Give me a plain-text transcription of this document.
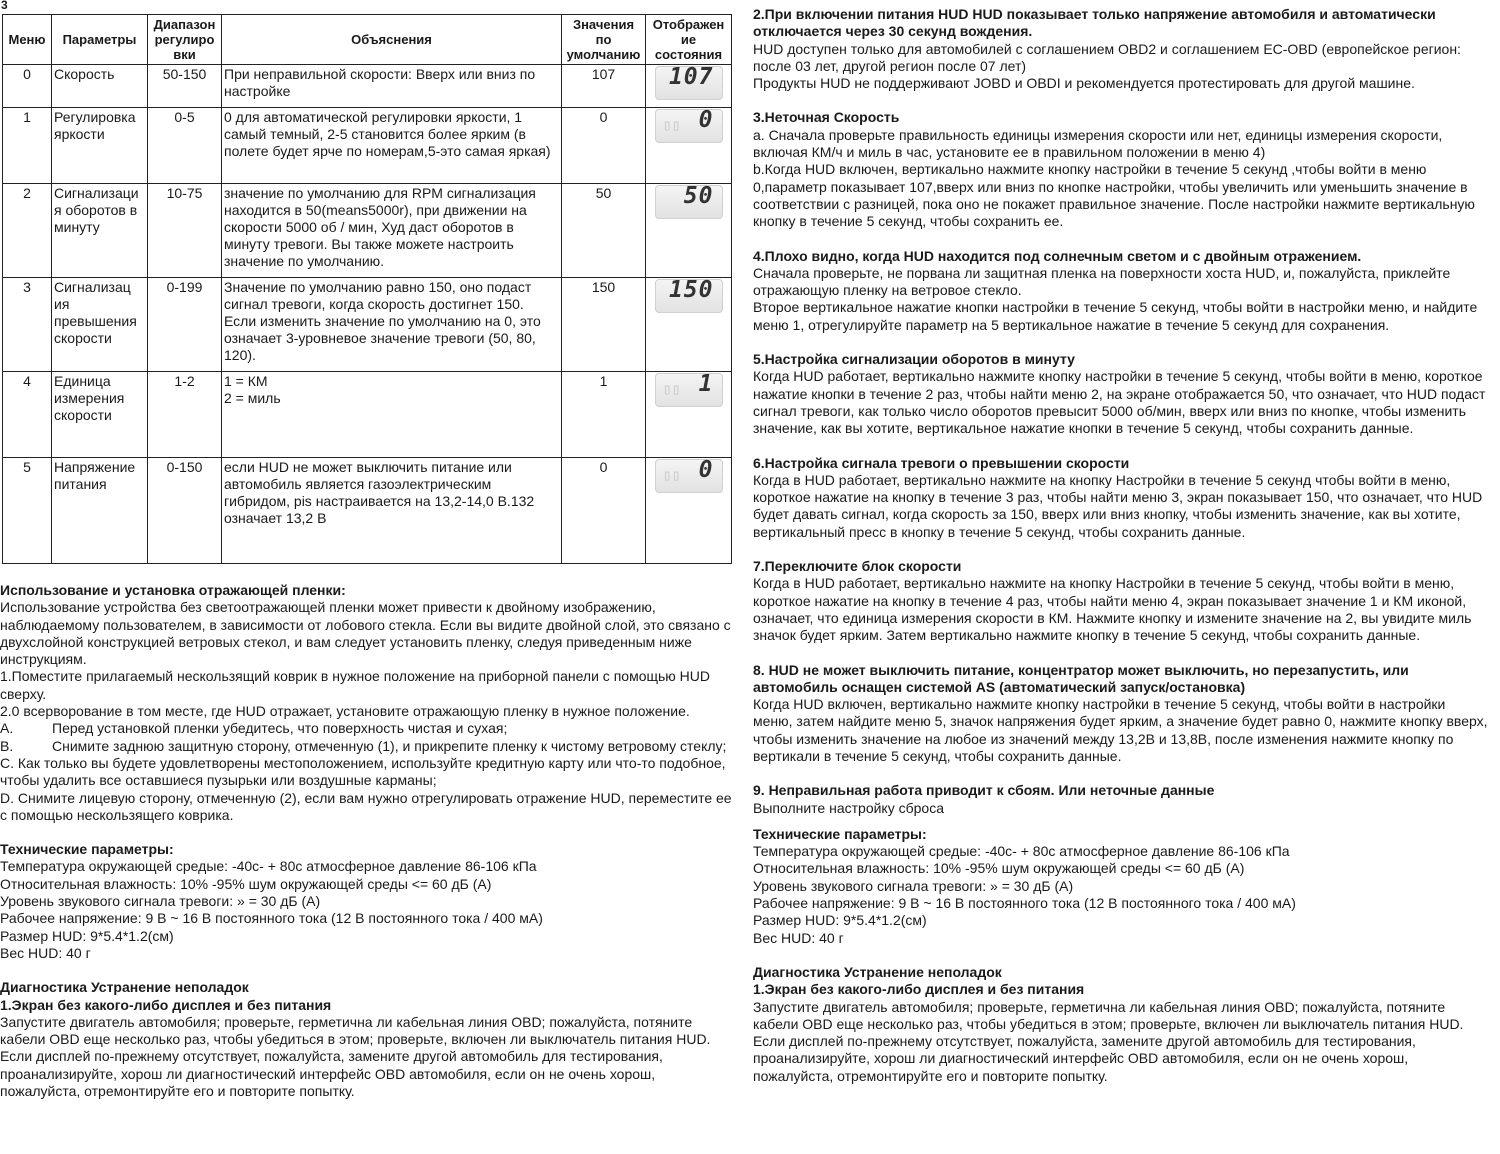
3
Меню	Параметры	Диапазон
регулиро
вки	Объяснения	Значения
по
умолчанию	Отображен
ие
состояния
0	Скорость	50-150	При неправильной скорости: Вверх или вниз по настройке	107	107

1	Регулировка яркости	0-5	0 для автоматической регулировки яркости, 1 самый темный, 2-5 становится более ярким (в полете будет ярче по номерам,5-это самая яркая)	0	▯▯ 0

2	Сигнализаци я оборотов в минуту	10-75	значение по умолчанию для RPM сигнализация находится в 50(means5000r), при движении на скорости 5000 об / мин, Худ даст оборотов в минуту тревоги. Вы также можете настроить значение по умолчанию.	50	50

3	Сигнализац ия превышения скорости	0-199	Значение по умолчанию равно 150, оно подаст сигнал тревоги, когда скорость достигнет 150. Если изменить значение по умолчанию на 0, это означает 3-уровневое значение тревоги (50, 80, 120).	150	150

4	Единица измерения скорости	1-2	1 = КМ
2 = миль	1	▯▯ 1

5	Напряжение питания	0-150	если HUD не может выключить питание или автомобиль является газоэлектрическим гибридом, pis настраивается на 13,2-14,0 В.132 означает 13,2 В	0	▯▯ 0

Использование и установка отражающей пленки:

Использование устройства без светоотражающей пленки может привести к двойному изображению, наблюдаемому пользователем, в зависимости от лобового стекла. Если вы видите двойной слой, это связано с двухслойной конструкцией ветровых стекол, и вам следует установить пленку, следуя приведенным ниже инструкциям.

1.Поместите прилагаемый нескользящий коврик в нужное положение на приборной панели с помощью HUD сверху.

2.0 всерворование в том месте, где HUD отражает, установите отражающую пленку в нужное положение.

A.	Перед установкой пленки убедитесь, что поверхность чистая и сухая;

B.	Снимите заднюю защитную сторону, отмеченную (1), и прикрепите пленку к чистому ветровому стеклу;

C. Как только вы будете удовлетворены местоположением, используйте кредитную карту или что-то подобное, чтобы удалить все оставшиеся пузырьки или воздушные карманы;

D. Снимите лицевую сторону, отмеченную (2), если вам нужно отрегулировать отражение HUD, переместите ее с помощью нескользящего коврика.

Технические параметры:

Температура окружающей средые: -40c- + 80c атмосферное давление 86-106 кПа

Относительная влажность: 10% -95% шум окружающей среды <= 60 дБ (A)

Уровень звукового сигнала тревоги: » = 30 дБ (A)

Рабочее напряжение: 9 В ~ 16 В постоянного тока (12 В постоянного тока / 400 мА)

Размер HUD: 9*5.4*1.2(см)

Вес HUD: 40 г

Диагностика Устранение неполадок

1.Экран без какого-либо дисплея и без питания

Запустите двигатель автомобиля; проверьте, герметична ли кабельная линия OBD; пожалуйста, потяните кабели OBD еще несколько раз, чтобы убедиться в этом; проверьте, включен ли выключатель питания HUD. Если дисплей по-прежнему отсутствует, пожалуйста, замените другой автомобиль для тестирования, проанализируйте, хорош ли диагностический интерфейс OBD автомобиля, если он не очень хорош, пожалуйста, отремонтируйте его и повторите попытку.

2.При включении питания HUD HUD показывает только напряжение автомобиля и автоматически отключается через 30 секунд вождения.

HUD доступен только для автомобилей с соглашением OBD2 и соглашением EC-OBD (европейское регион: после 03 лет, другой регион после 07 лет)
Продукты HUD не поддерживают JOBD и OBDI и рекомендуется протестировать для другой машине.

3.Неточная Скорость

a. Сначала проверьте правильность единицы измерения скорости или нет, единицы измерения скорости, включая КМ/ч и миль в час, установите ее в правильном положении в меню 4)
b.Когда HUD включен, вертикально нажмите кнопку настройки в течение 5 секунд ,чтобы войти в меню 0,параметр показывает 107,вверх или вниз по кнопке настройки, чтобы увеличить или уменьшить значение в соответствии с разницей, пока оно не покажет правильное значение. После настройки нажмите вертикальную кнопку в течение 5 секунд, чтобы сохранить ее.

4.Плохо видно, когда HUD находится под солнечным светом и с двойным отражением.

Сначала проверьте, не порвана ли защитная пленка на поверхности хоста HUD, и, пожалуйста, приклейте отражающую пленку на ветровое стекло.
Второе вертикальное нажатие кнопки настройки в течение 5 секунд, чтобы войти в настройки меню, и найдите меню 1, отрегулируйте параметр на 5 вертикальное нажатие в течение 5 секунд для сохранения.

5.Настройка сигнализации оборотов в минуту

Когда HUD работает, вертикально нажмите кнопку настройки в течение 5 секунд, чтобы войти в меню, короткое нажатие кнопки в течение 2 раз, чтобы найти меню 2, на экране отображается 50, что означает, что HUD подаст сигнал тревоги, как только число оборотов превысит 5000 об/мин, вверх или вниз по кнопке, чтобы изменить значение, как вы хотите, вертикальное нажатие кнопки в течение 5 секунд, чтобы сохранить данные.

6.Настройка сигнала тревоги о превышении скорости

Когда в HUD работает, вертикально нажмите на кнопку Настройки в течение 5 секунд чтобы войти в меню, короткое нажатие на кнопку в течение 3 раз, чтобы найти меню 3, экран показывает 150, что означает, что HUD будет давать сигнал, когда скорость за 150, вверх или вниз кнопку, чтобы изменить значение, как вы хотите, вертикальный пресс в кнопку в течение 5 секунд, чтобы сохранить данные.

7.Переключите блок скорости

Когда в HUD работает, вертикально нажмите на кнопку Настройки в течение 5 секунд, чтобы войти в меню, короткое нажатие на кнопку в течение 4 раз, чтобы найти меню 4, экран показывает значение 1 и КМ иконой, означает, что единица измерения скорости в КМ. Нажмите кнопку и измените значение на 2, вы увидите миль значок будет ярким. Затем вертикально нажмите кнопку в течение 5 секунд, чтобы сохранить данные.

8. HUD не может выключить питание, концентратор может выключить, но перезапустить, или автомобиль оснащен системой AS (автоматический запуск/остановка)

Когда HUD включен, вертикально нажмите кнопку настройки в течение 5 секунд, чтобы войти в настройки меню, затем найдите меню 5, значок напряжения будет ярким, а значение будет равно 0, нажмите кнопку вверх, чтобы изменить значение на любое из значений между 13,2В и 13,8В, после изменения нажмите кнопку по вертикали в течение 5 секунд, чтобы сохранить данные.

9. Неправильная работа приводит к сбоям. Или неточные данные

Выполните настройку сброса

Технические параметры:

Температура окружающей средые: -40c- + 80c атмосферное давление 86-106 кПа

Относительная влажность: 10% -95% шум окружающей среды <= 60 дБ (A)

Уровень звукового сигнала тревоги: » = 30 дБ (A)

Рабочее напряжение: 9 В ~ 16 В постоянного тока (12 В постоянного тока / 400 мА)

Размер HUD: 9*5.4*1.2(см)

Вес HUD: 40 г

Диагностика Устранение неполадок

1.Экран без какого-либо дисплея и без питания

Запустите двигатель автомобиля; проверьте, герметична ли кабельная линия OBD; пожалуйста, потяните кабели OBD еще несколько раз, чтобы убедиться в этом; проверьте, включен ли выключатель питания HUD. Если дисплей по-прежнему отсутствует, пожалуйста, замените другой автомобиль для тестирования, проанализируйте, хорош ли диагностический интерфейс OBD автомобиля, если он не очень хорош, пожалуйста, отремонтируйте его и повторите попытку.
